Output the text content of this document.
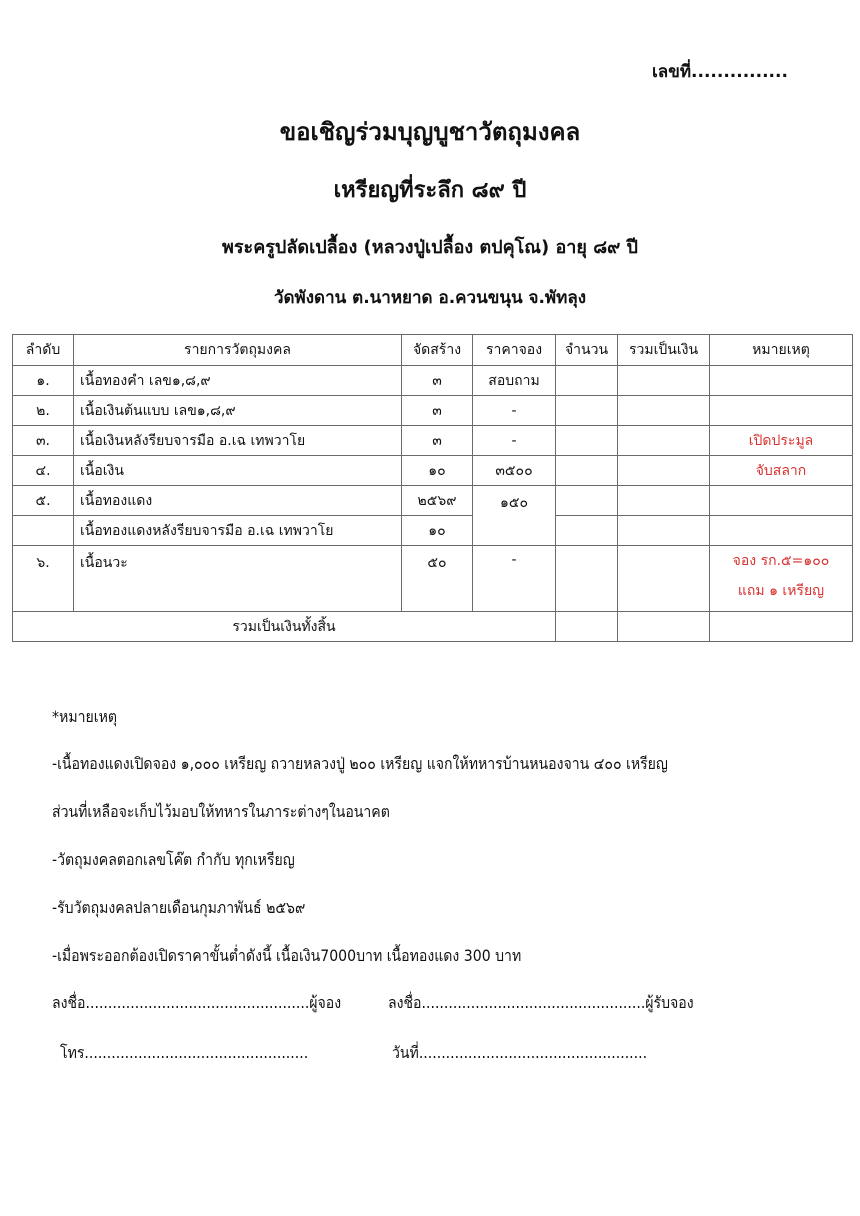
เลขที่...............
ขอเชิญร่วมบุญบูชาวัตถุมงคล
เหรียญที่ระลึก ๘๙ ปี
พระครูปลัดเปลื้อง (หลวงปู่เปลื้อง ตปคุโณ) อายุ ๘๙ ปี
วัดพังดาน ต.นาหยาด อ.ควนขนุน จ.พัทลุง
ลำดับ	รายการวัตถุมงคล	จัดสร้าง	ราคาจอง	จำนวน	รวมเป็นเงิน	หมายเหตุ
๑.	เนื้อทองคำ เลข๑,๘,๙	๓	สอบถาม			
๒.	เนื้อเงินต้นแบบ เลข๑,๘,๙	๓	-			
๓.	เนื้อเงินหลังรียบจารมือ อ.เฉ เทพวาโย	๓	-			เปิดประมูล
๔.	เนื้อเงิน	๑๐	๓๕๐๐			จับสลาก
๕.	เนื้อทองแดง	๒๕๖๙	๑๕๐			
	เนื้อทองแดงหลังรียบจารมือ อ.เฉ เทพวาโย	๑๐				
๖.	เนื้อนวะ	๕๐	-			จอง รก.๕=๑๐๐
แถม ๑ เหรียญ

รวมเป็นเงินทั้งสิ้น						
*หมายเหตุ
-เนื้อทองแดงเปิดจอง ๑,๐๐๐ เหรียญ ถวายหลวงปู่ ๒๐๐ เหรียญ แจกให้ทหารบ้านหนองจาน ๔๐๐ เหรียญ
ส่วนที่เหลือจะเก็บไว้มอบให้ทหารในภาระต่างๆในอนาคต
-วัตถุมงคลตอกเลขโค๊ต กำกับ ทุกเหรียญ
-รับวัตถุมงคลปลายเดือนกุมภาพันธ์ ๒๕๖๙
-เมื่อพระออกต้องเปิดราคาขั้นต่ำดังนี้ เนื้อเงิน7000บาท เนื้อทองแดง 300 บาท
ลงชื่อ..................................................ผู้จอง	ลงชื่อ..................................................ผู้รับจอง
โทร..................................................	วันที่...................................................
